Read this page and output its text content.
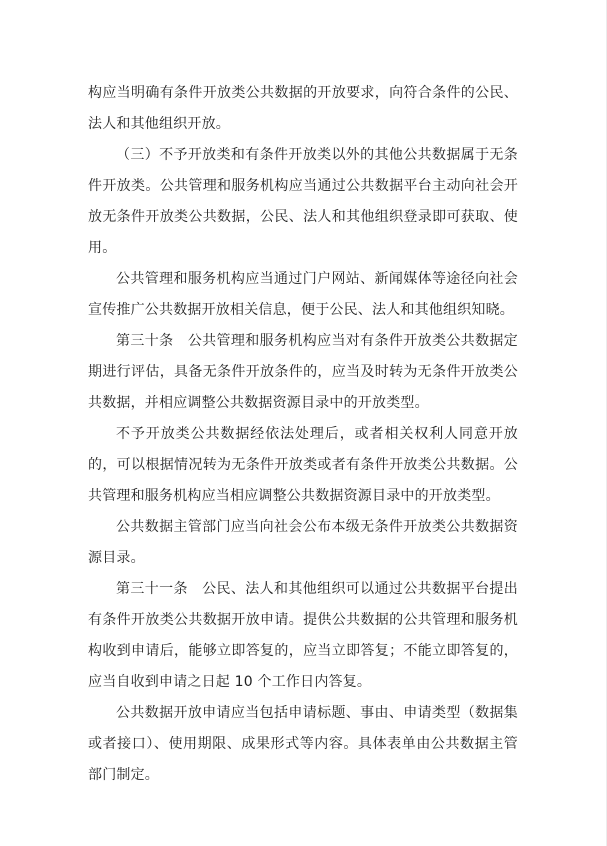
构应当明确有条件开放类公共数据的开放要求，向符合条件的公民、法人和其他组织开放。

（三）不予开放类和有条件开放类以外的其他公共数据属于无条件开放类。公共管理和服务机构应当通过公共数据平台主动向社会开放无条件开放类公共数据，公民、法人和其他组织登录即可获取、使用。

公共管理和服务机构应当通过门户网站、新闻媒体等途径向社会宣传推广公共数据开放相关信息，便于公民、法人和其他组织知晓。

第三十条　公共管理和服务机构应当对有条件开放类公共数据定期进行评估，具备无条件开放条件的，应当及时转为无条件开放类公共数据，并相应调整公共数据资源目录中的开放类型。

不予开放类公共数据经依法处理后，或者相关权利人同意开放的，可以根据情况转为无条件开放类或者有条件开放类公共数据。公共管理和服务机构应当相应调整公共数据资源目录中的开放类型。

公共数据主管部门应当向社会公布本级无条件开放类公共数据资源目录。

第三十一条　公民、法人和其他组织可以通过公共数据平台提出有条件开放类公共数据开放申请。提供公共数据的公共管理和服务机构收到申请后，能够立即答复的，应当立即答复；不能立即答复的，应当自收到申请之日起 10 个工作日内答复。

公共数据开放申请应当包括申请标题、事由、申请类型（数据集或者接口）、使用期限、成果形式等内容。具体表单由公共数据主管部门制定。
